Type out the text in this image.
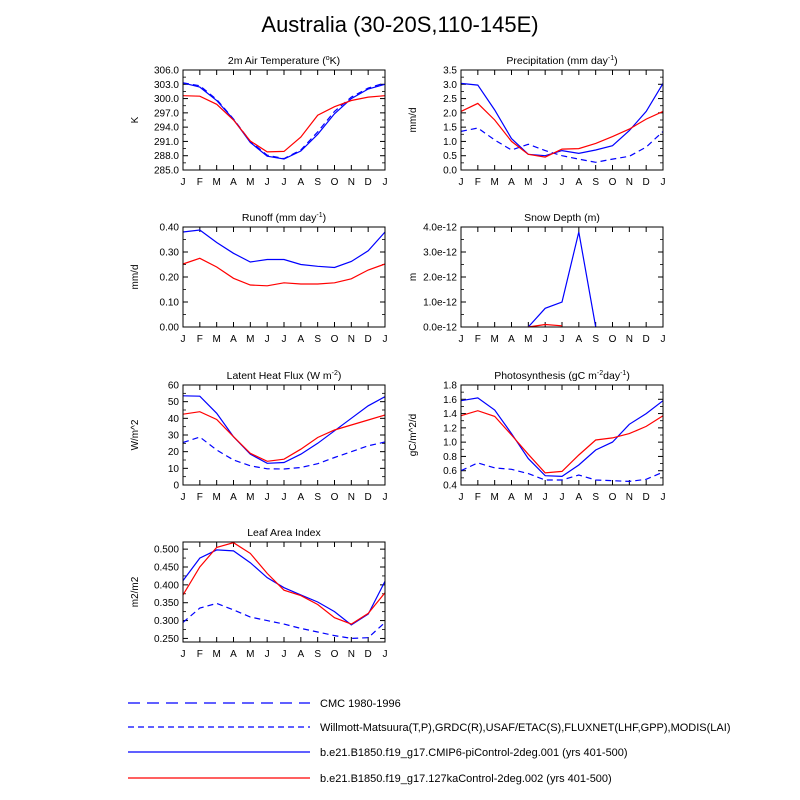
Australia (30-20S,110-145E)
2m Air Temperature ($^o$K)
285.0
288.0
291.0
294.0
297.0
300.0
303.0
306.0
J F M A M J J A S O N D J
K
Precipitation (mm day$^{-1}$)
0.0
0.5
1.0
1.5
2.0
2.5
3.0
3.5
J F M A M J J A S O N D J
mm/d
Runoff (mm day$^{-1}$)
0.00
0.10
0.20
0.30
0.40
J F M A M J J A S O N D J
mm/d
Snow Depth (m)
0.0e-12
1.0e-12
2.0e-12
3.0e-12
4.0e-12
J F M A M J J A S O N D J
m
Latent Heat Flux (W $m^{-2}$)
0
10
20
30
40
50
60
J F M A M J J A S O N D J
W/m^2
Photosynthesis (gC $m^{-2}day^{-1}$)
0.4
0.6
0.8
1.0
1.2
1.4
1.6
1.8
J F M A M J J A S O N D J
gC/m^2/d
Leaf Area Index
0.250
0.300
0.350
0.400
0.450
0.500
J F M A M J J A S O N D J
m2/m2
CMC 1980-1996
Willmott-Matsuura(T,P),GRDC(R),USAF/ETAC(S),FLUXNET(LHF,GPP),MODIS(LAI)
b.e21.B1850.f19_g17.CMIP6-piControl-2deg.001 (yrs 401-500)
b.e21.B1850.f19_g17.127kaControl-2deg.002 (yrs 401-500)
